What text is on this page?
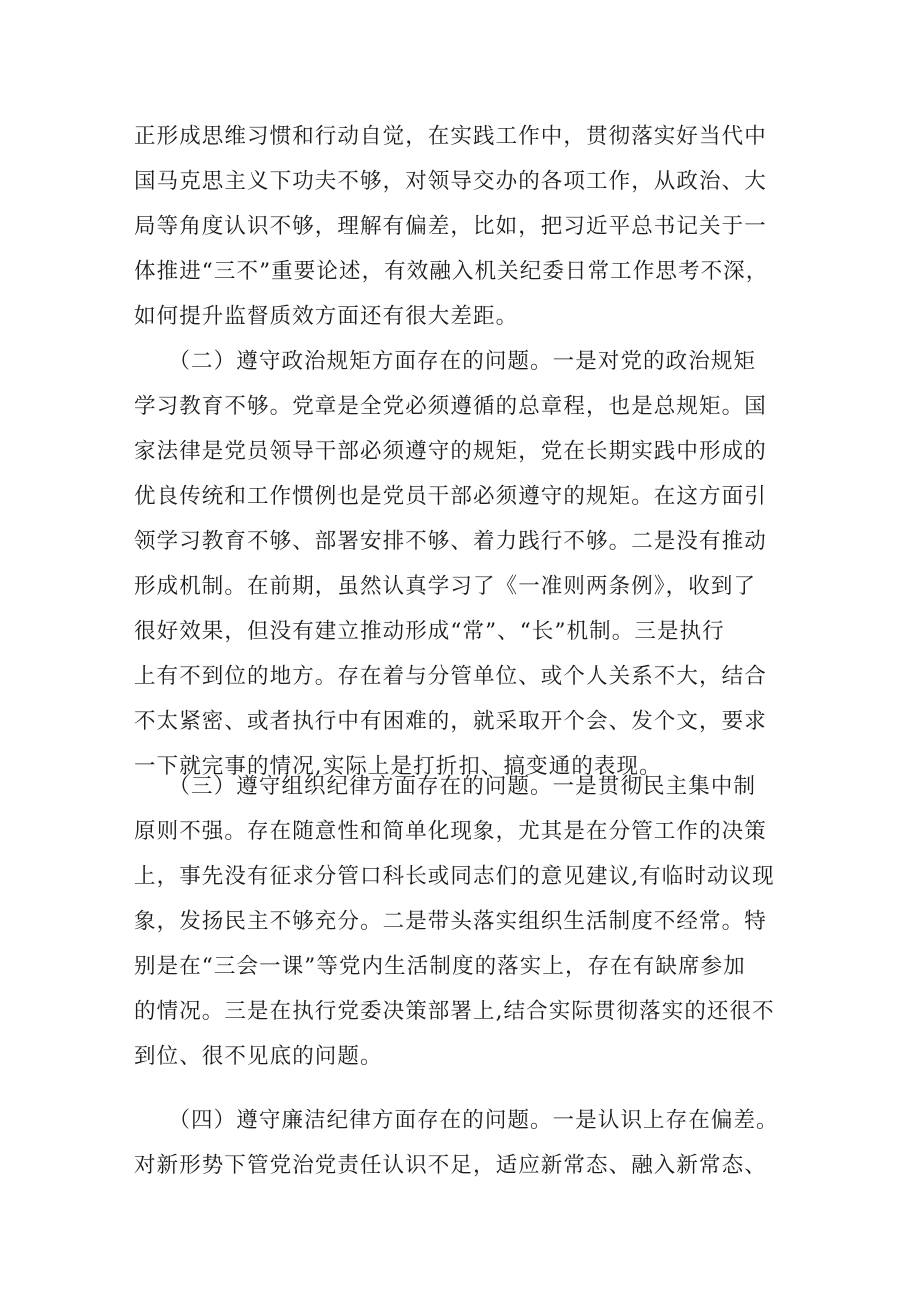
正形成思维习惯和行动自觉，在实践工作中，贯彻落实好当代中
国马克思主义下功夫不够，对领导交办的各项工作，从政治、大
局等角度认识不够，理解有偏差，比如，把习近平总书记关于一
体推进“三不”重要论述，有效融入机关纪委日常工作思考不深，
如何提升监督质效方面还有很大差距。
　　（二）遵守政治规矩方面存在的问题。一是对党的政治规矩
学习教育不够。党章是全党必须遵循的总章程，也是总规矩。国
家法律是党员领导干部必须遵守的规矩，党在长期实践中形成的
优良传统和工作惯例也是党员干部必须遵守的规矩。在这方面引
领学习教育不够、部署安排不够、着力践行不够。二是没有推动
形成机制。在前期，虽然认真学习了《一准则两条例》，收到了
很好效果，但没有建立推动形成“常”、“长”机制。三是执行
上有不到位的地方。存在着与分管单位、或个人关系不大，结合
不太紧密、或者执行中有困难的，就采取开个会、发个文，要求
一下就完事的情况,实际上是打折扣、搞变通的表现。
　　（三）遵守组织纪律方面存在的问题。一是贯彻民主集中制
原则不强。存在随意性和简单化现象，尤其是在分管工作的决策
上，事先没有征求分管口科长或同志们的意见建议,有临时动议现
象，发扬民主不够充分。二是带头落实组织生活制度不经常。特
别是在“三会一课”等党内生活制度的落实上，存在有缺席参加
的情况。三是在执行党委决策部署上,结合实际贯彻落实的还很不
到位、很不见底的问题。
　　（四）遵守廉洁纪律方面存在的问题。一是认识上存在偏差。
对新形势下管党治党责任认识不足，适应新常态、融入新常态、
